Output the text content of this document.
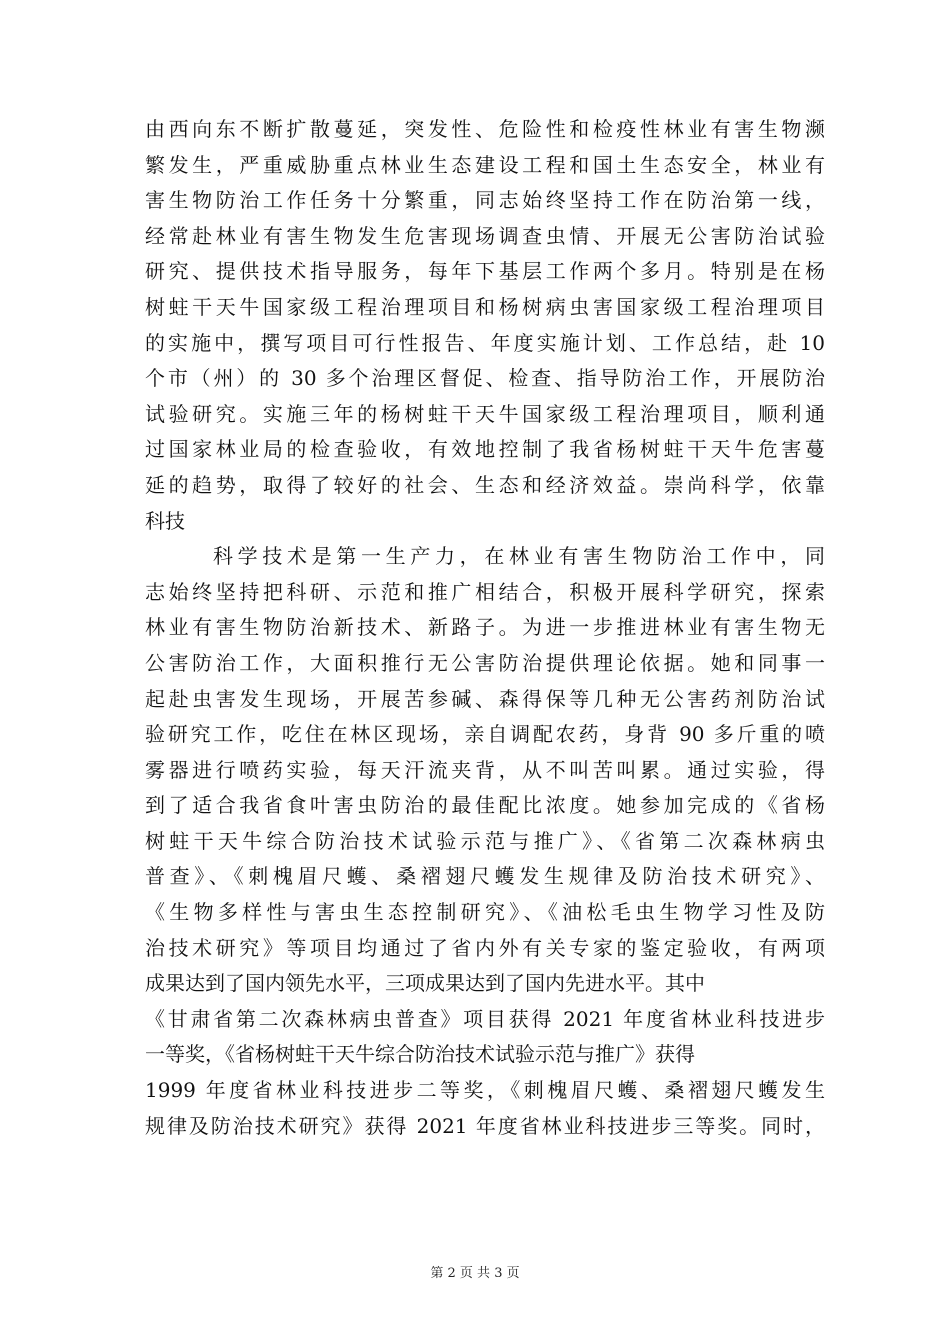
由西向东不断扩散蔓延，突发性、危险性和检疫性林业有害生物濒
繁发生，严重威胁重点林业生态建设工程和国土生态安全，林业有
害生物防治工作任务十分繁重，同志始终坚持工作在防治第一线，
经常赴林业有害生物发生危害现场调查虫情、开展无公害防治试验
研究、提供技术指导服务，每年下基层工作两个多月。特别是在杨
树蛀干天牛国家级工程治理项目和杨树病虫害国家级工程治理项目
的实施中，撰写项目可行性报告、年度实施计划、工作总结，赴 10
个市（州）的 30 多个治理区督促、检查、指导防治工作，开展防治
试验研究。实施三年的杨树蛀干天牛国家级工程治理项目，顺利通
过国家林业局的检查验收，有效地控制了我省杨树蛀干天牛危害蔓
延的趋势，取得了较好的社会、生态和经济效益。崇尚科学，依靠
科技
科学技术是第一生产力，在林业有害生物防治工作中，同
志始终坚持把科研、示范和推广相结合，积极开展科学研究，探索
林业有害生物防治新技术、新路子。为进一步推进林业有害生物无
公害防治工作，大面积推行无公害防治提供理论依据。她和同事一
起赴虫害发生现场，开展苦参碱、森得保等几种无公害药剂防治试
验研究工作，吃住在林区现场，亲自调配农药，身背 90 多斤重的喷
雾器进行喷药实验，每天汗流夹背，从不叫苦叫累。通过实验，得
到了适合我省食叶害虫防治的最佳配比浓度。她参加完成的《省杨
树蛀干天牛综合防治技术试验示范与推广》、《省第二次森林病虫
普查》、《刺槐眉尺蠖、桑褶翅尺蠖发生规律及防治技术研究》、
《生物多样性与害虫生态控制研究》、《油松毛虫生物学习性及防
治技术研究》等项目均通过了省内外有关专家的鉴定验收，有两项
成果达到了国内领先水平，三项成果达到了国内先进水平。其中
《甘肃省第二次森林病虫普查》项目获得 2021 年度省林业科技进步
一等奖，《省杨树蛀干天牛综合防治技术试验示范与推广》获得
1999 年度省林业科技进步二等奖，《刺槐眉尺蠖、桑褶翅尺蠖发生
规律及防治技术研究》获得 2021 年度省林业科技进步三等奖。同时，
第 2 页 共 3 页
